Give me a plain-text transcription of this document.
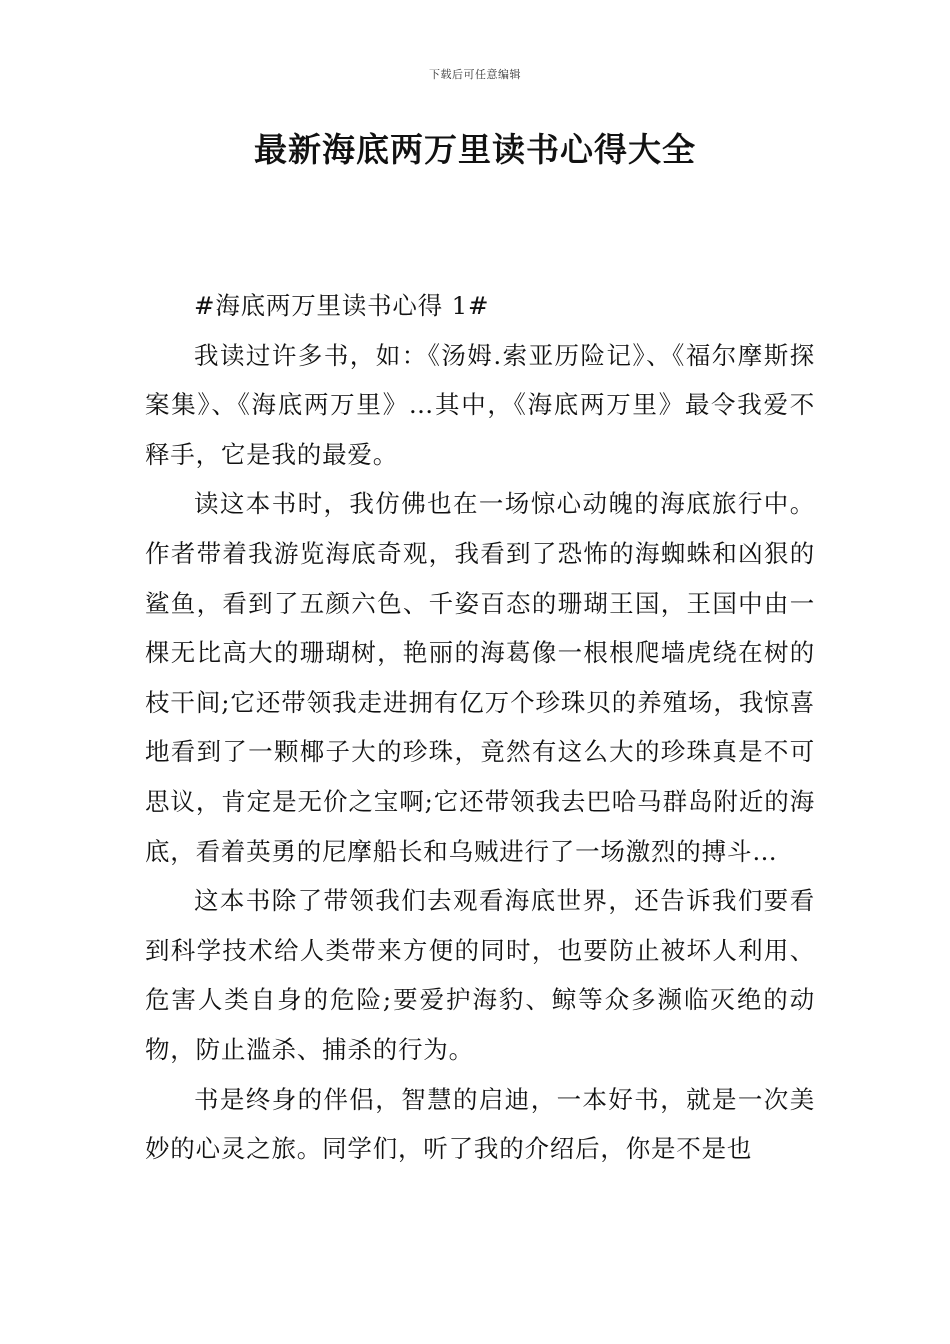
下载后可任意编辑
最新海底两万里读书心得大全
#海底两万里读书心得 1#

我读过许多书，如：《汤姆.索亚历险记》、《福尔摩斯探案集》、《海底两万里》…其中，《海底两万里》最令我爱不释手，它是我的最爱。

读这本书时，我仿佛也在一场惊心动魄的海底旅行中。作者带着我游览海底奇观，我看到了恐怖的海蜘蛛和凶狠的鲨鱼，看到了五颜六色、千姿百态的珊瑚王国，王国中由一棵无比高大的珊瑚树，艳丽的海葛像一根根爬墙虎绕在树的枝干间;它还带领我走进拥有亿万个珍珠贝的养殖场，我惊喜地看到了一颗椰子大的珍珠，竟然有这么大的珍珠真是不可思议，肯定是无价之宝啊;它还带领我去巴哈马群岛附近的海底，看着英勇的尼摩船长和乌贼进行了一场激烈的搏斗…

这本书除了带领我们去观看海底世界，还告诉我们要看到科学技术给人类带来方便的同时，也要防止被坏人利用、危害人类自身的危险;要爱护海豹、鲸等众多濒临灭绝的动物，防止滥杀、捕杀的行为。

书是终身的伴侣，智慧的启迪，一本好书，就是一次美妙的心灵之旅。同学们，听了我的介绍后，你是不是也
